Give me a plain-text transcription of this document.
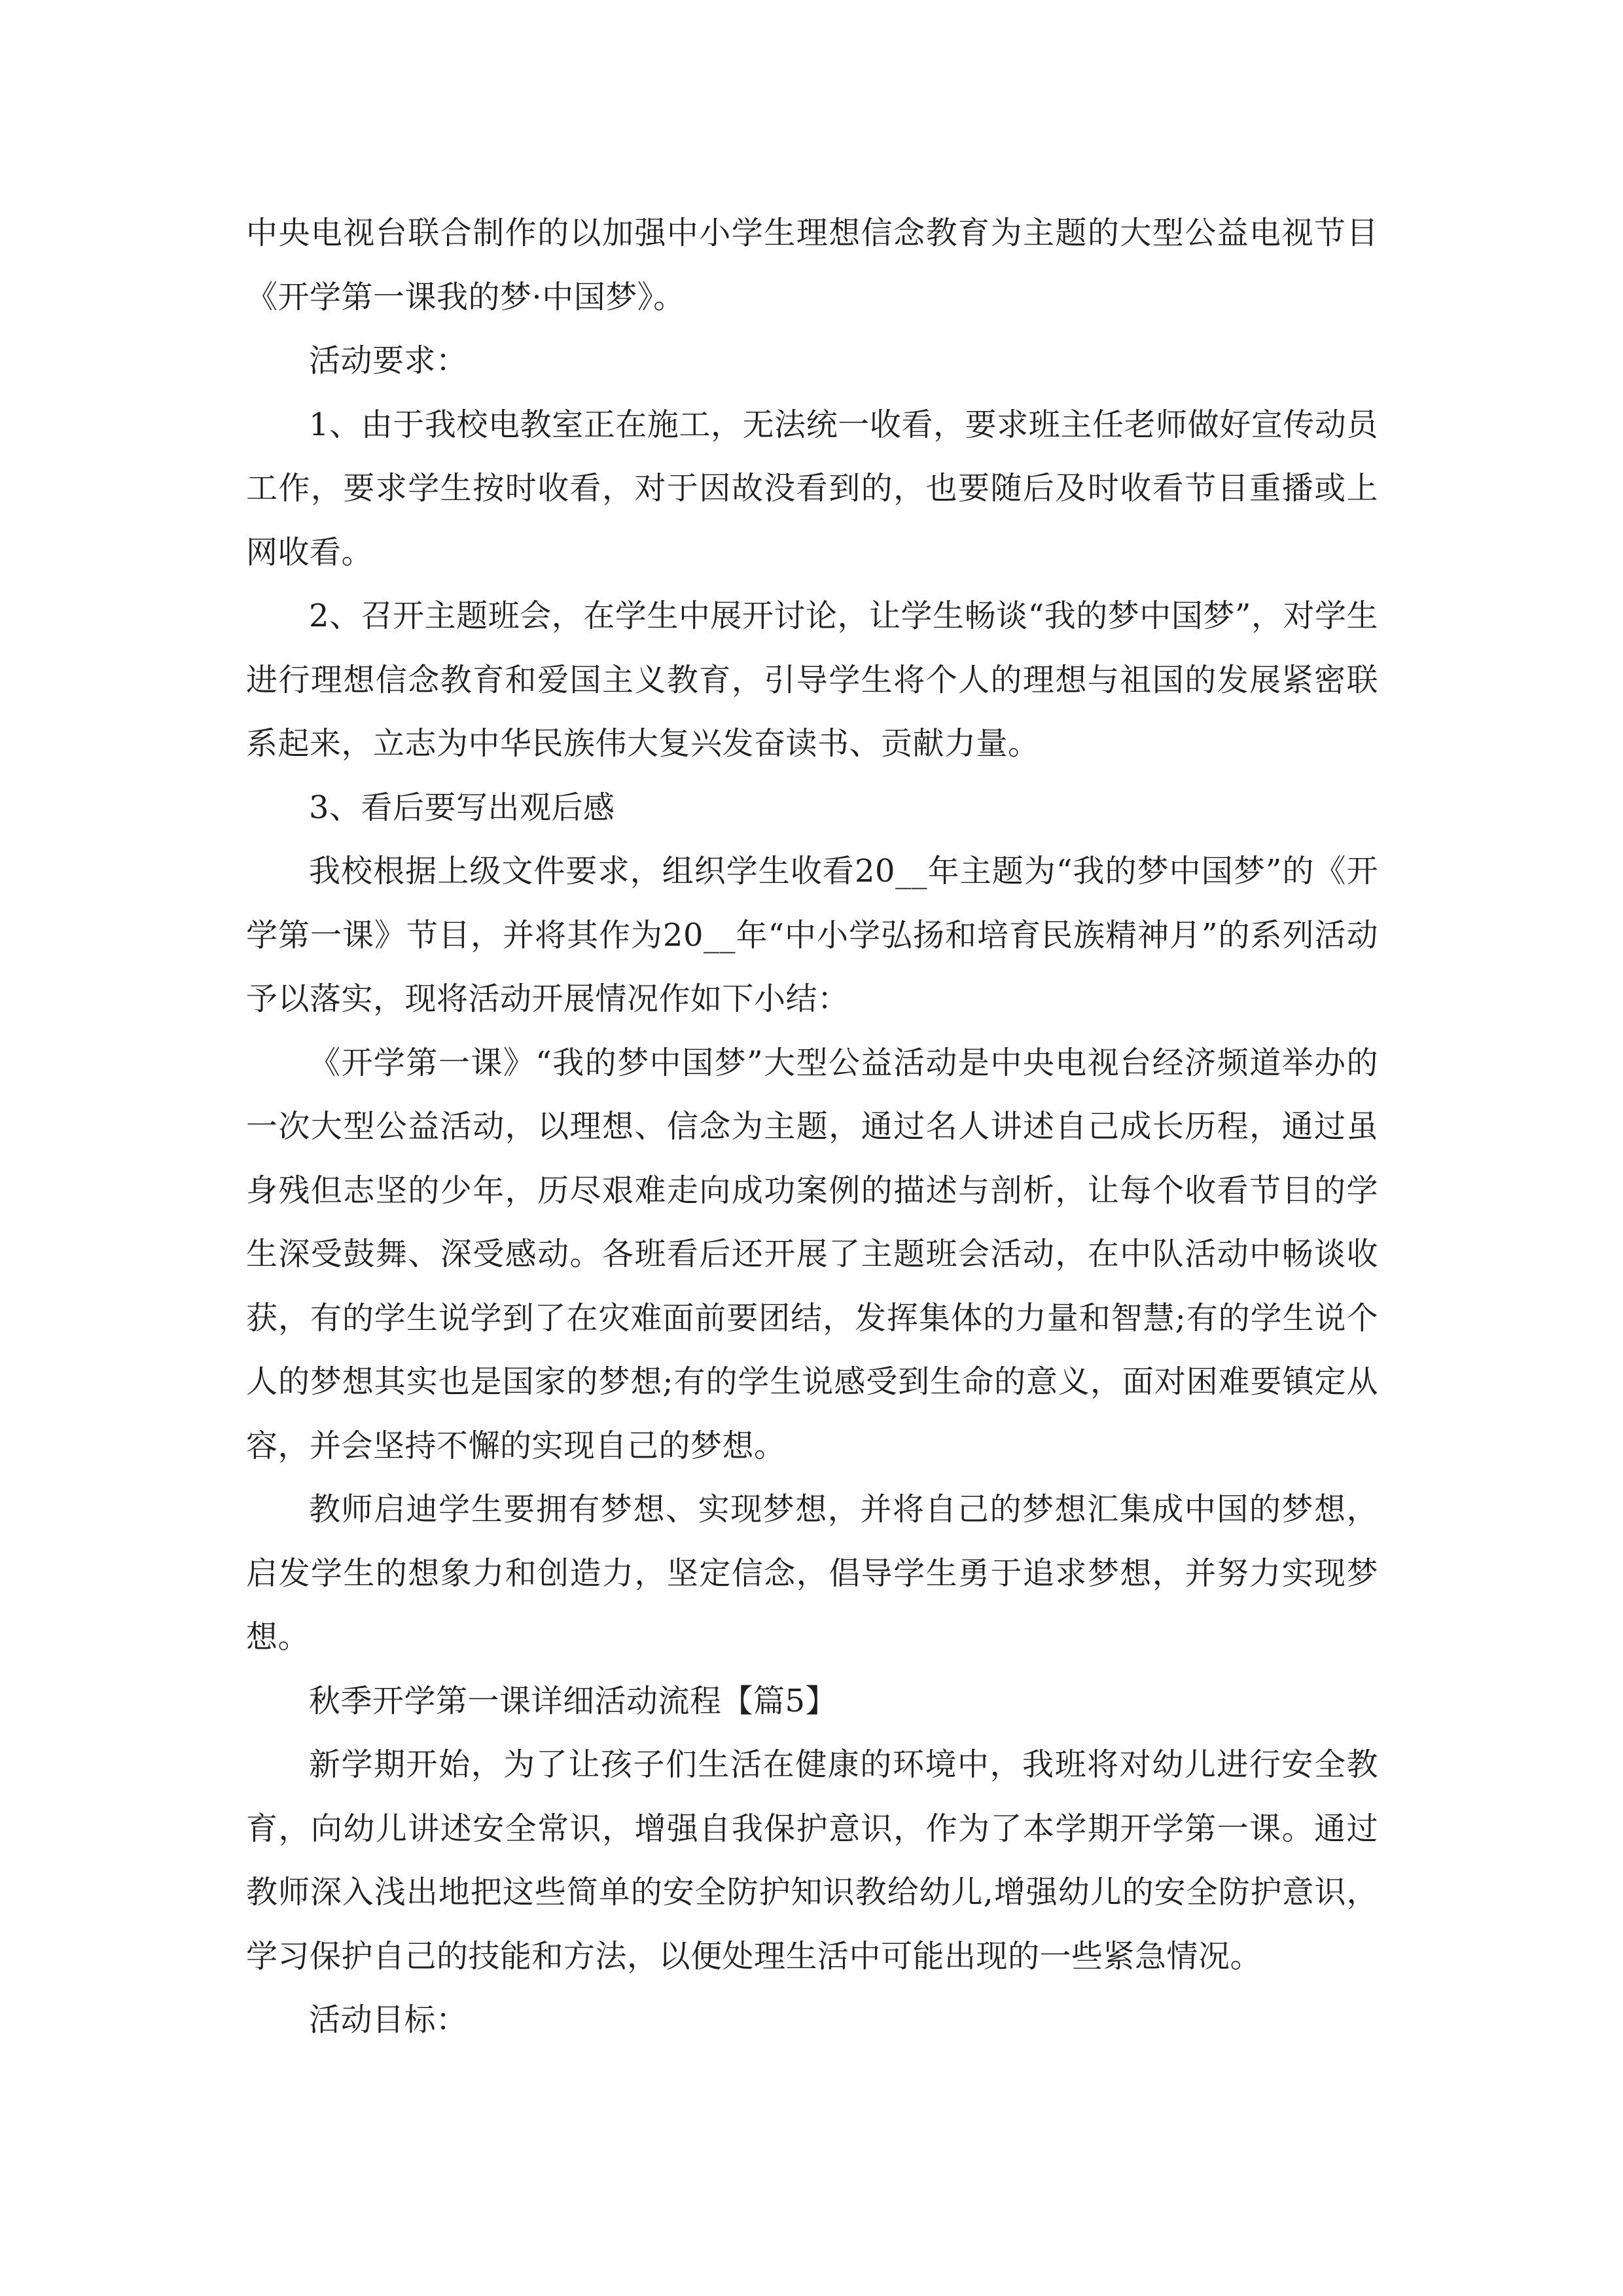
中央电视台联合制作的以加强中小学生理想信念教育为主题的大型公益电视节目《开学第一课我的梦·中国梦》。

活动要求：

1、由于我校电教室正在施工，无法统一收看，要求班主任老师做好宣传动员工作，要求学生按时收看，对于因故没看到的，也要随后及时收看节目重播或上网收看。

2、召开主题班会，在学生中展开讨论，让学生畅谈“我的梦中国梦”，对学生进行理想信念教育和爱国主义教育，引导学生将个人的理想与祖国的发展紧密联系起来，立志为中华民族伟大复兴发奋读书、贡献力量。

3、看后要写出观后感

我校根据上级文件要求，组织学生收看20__年主题为“我的梦中国梦”的《开学第一课》节目，并将其作为20__年“中小学弘扬和培育民族精神月”的系列活动予以落实，现将活动开展情况作如下小结：

《开学第一课》“我的梦中国梦”大型公益活动是中央电视台经济频道举办的一次大型公益活动，以理想、信念为主题，通过名人讲述自己成长历程，通过虽身残但志坚的少年，历尽艰难走向成功案例的描述与剖析，让每个收看节目的学生深受鼓舞、深受感动。各班看后还开展了主题班会活动，在中队活动中畅谈收获，有的学生说学到了在灾难面前要团结，发挥集体的力量和智慧;有的学生说个人的梦想其实也是国家的梦想;有的学生说感受到生命的意义，面对困难要镇定从容，并会坚持不懈的实现自己的梦想。

教师启迪学生要拥有梦想、实现梦想，并将自己的梦想汇集成中国的梦想，启发学生的想象力和创造力，坚定信念，倡导学生勇于追求梦想，并努力实现梦想。

秋季开学第一课详细活动流程【篇5】

新学期开始，为了让孩子们生活在健康的环境中，我班将对幼儿进行安全教育，向幼儿讲述安全常识，增强自我保护意识，作为了本学期开学第一课。通过教师深入浅出地把这些简单的安全防护知识教给幼儿,增强幼儿的安全防护意识，学习保护自己的技能和方法，以便处理生活中可能出现的一些紧急情况。

活动目标：
